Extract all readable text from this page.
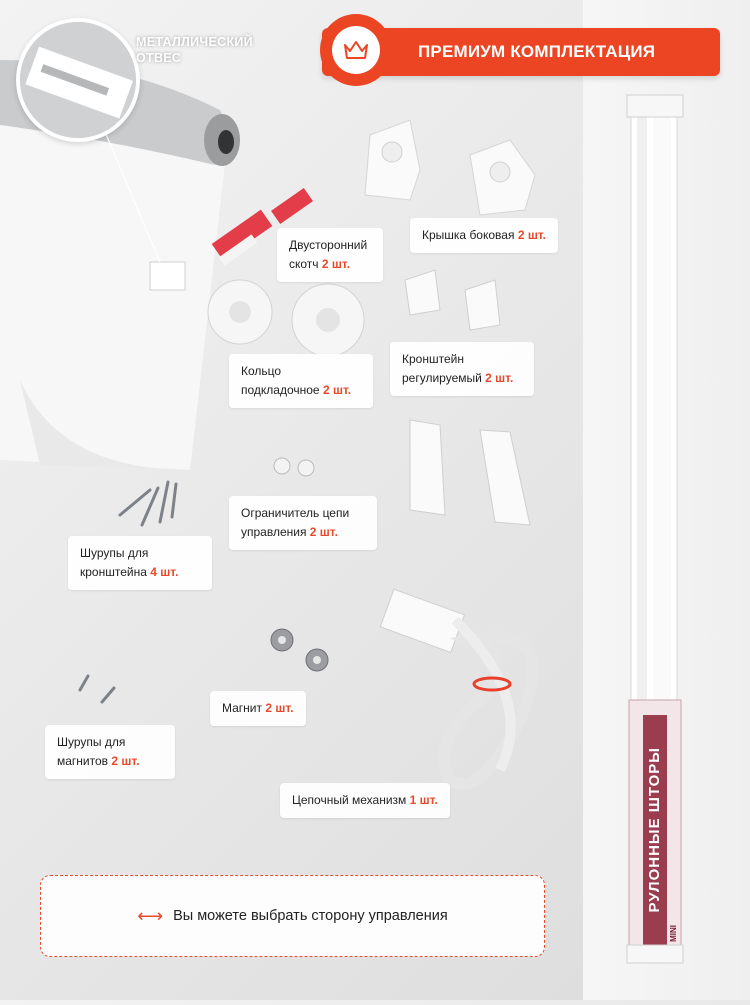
РУЛОННЫЕ ШТОРЫ
MINI
МЕТАЛЛИЧЕСКИЙ
ОТВЕС	ПРЕМИУМ КОМПЛЕКТАЦИЯ
Двусторонний скотч 2 шт.
Крышка боковая 2 шт.
Кольцо подкладочное 2 шт.
Кронштейн регулируемый 2 шт.
Ограничитель цепи управления 2 шт.
Шурупы для кронштейна 4 шт.
Магнит 2 шт.
Шурупы для магнитов 2 шт.
Цепочный механизм 1 шт.
⟷ Вы можете выбрать сторону управления
